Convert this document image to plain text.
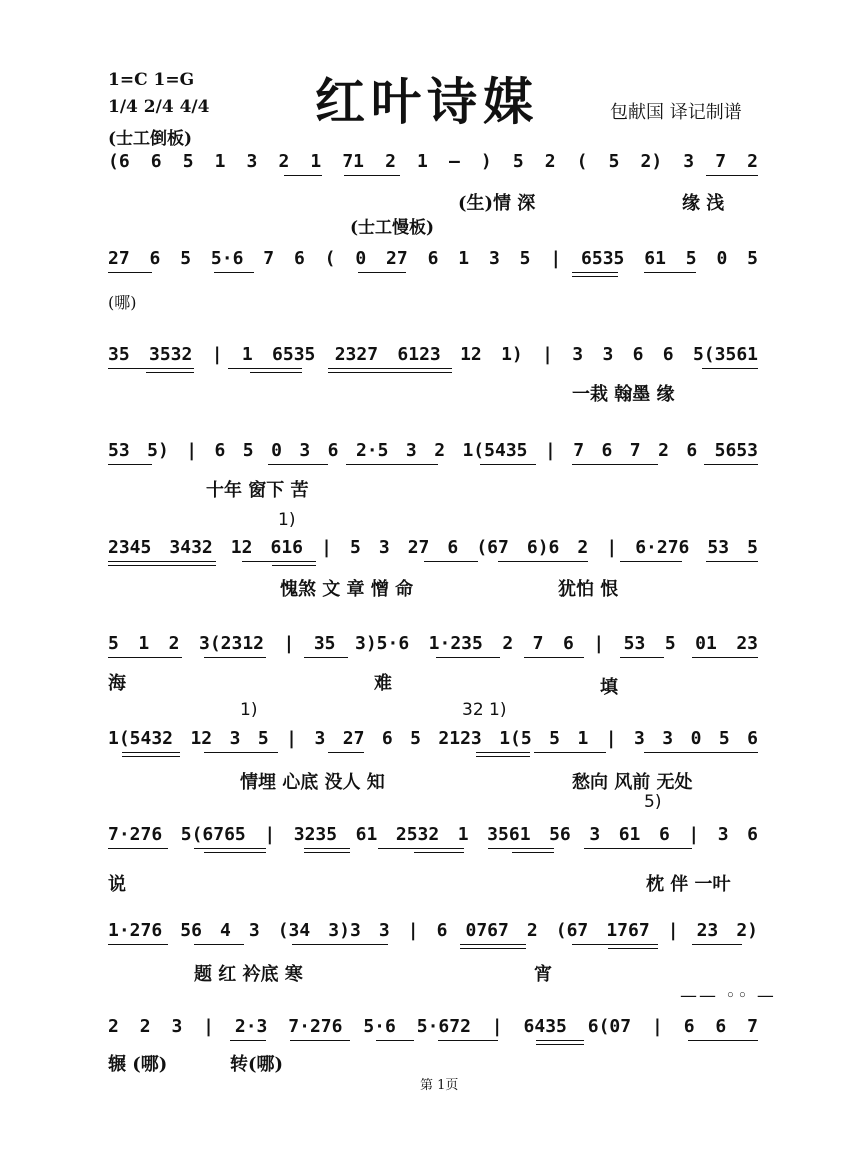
1=C 1=G
1/4 2/4 4/4
(士工倒板)
红叶诗媒	包献国 译记制谱
(士工慢板)
(6 6 5 1 3 2 1 71 2 1 – ) 5 2 ( 5 2) 3 7 2
(生)情 深	缘 浅
27 6 5 5·6 7 6 ( 0 27 6 1 3 5 | 6535 61 5 0 5
(哪)
35 3532 | 1 6535 2327 6123 12 1) | 3 3 6 6 5(3561
一栽 翰墨 缘
53 5) | 6 5 0 3 6 2·5 3 2 1(5435 | 7 6 7 2 6 5653
十年 窗下 苦
1)
2345 3432 12 616 | 5 3 27 6 (67 6)6 2 | 6·276 53 5
愧煞 文 章 憎 命	犹怕 恨
5 1 2 3(2312 | 35 3)5·6 1·235 2 7 6 | 53 5 01 23
海	难	填
1)	32 1)
1(5432 12 3 5 | 3 27 6 5 2123 1(5 5 1 | 3 3 0 5 6
情埋 心底 没人 知	愁向 风前 无处
5)
7·276 5(6765 | 3235 61 2532 1 3561 56 3 61 6 | 3 6
说	枕 伴 一叶
1·276 56 4 3 (34 3)3 3 | 6 0767 2 (67 1767 | 23 2)
题 红 衿底 寒	宵
—— ◦◦ —
2 2 3 | 2·3 7·276 5·6 5·672 | 6435 6(07 | 6 6 7
辗 (哪)	转(哪)
第 1页
